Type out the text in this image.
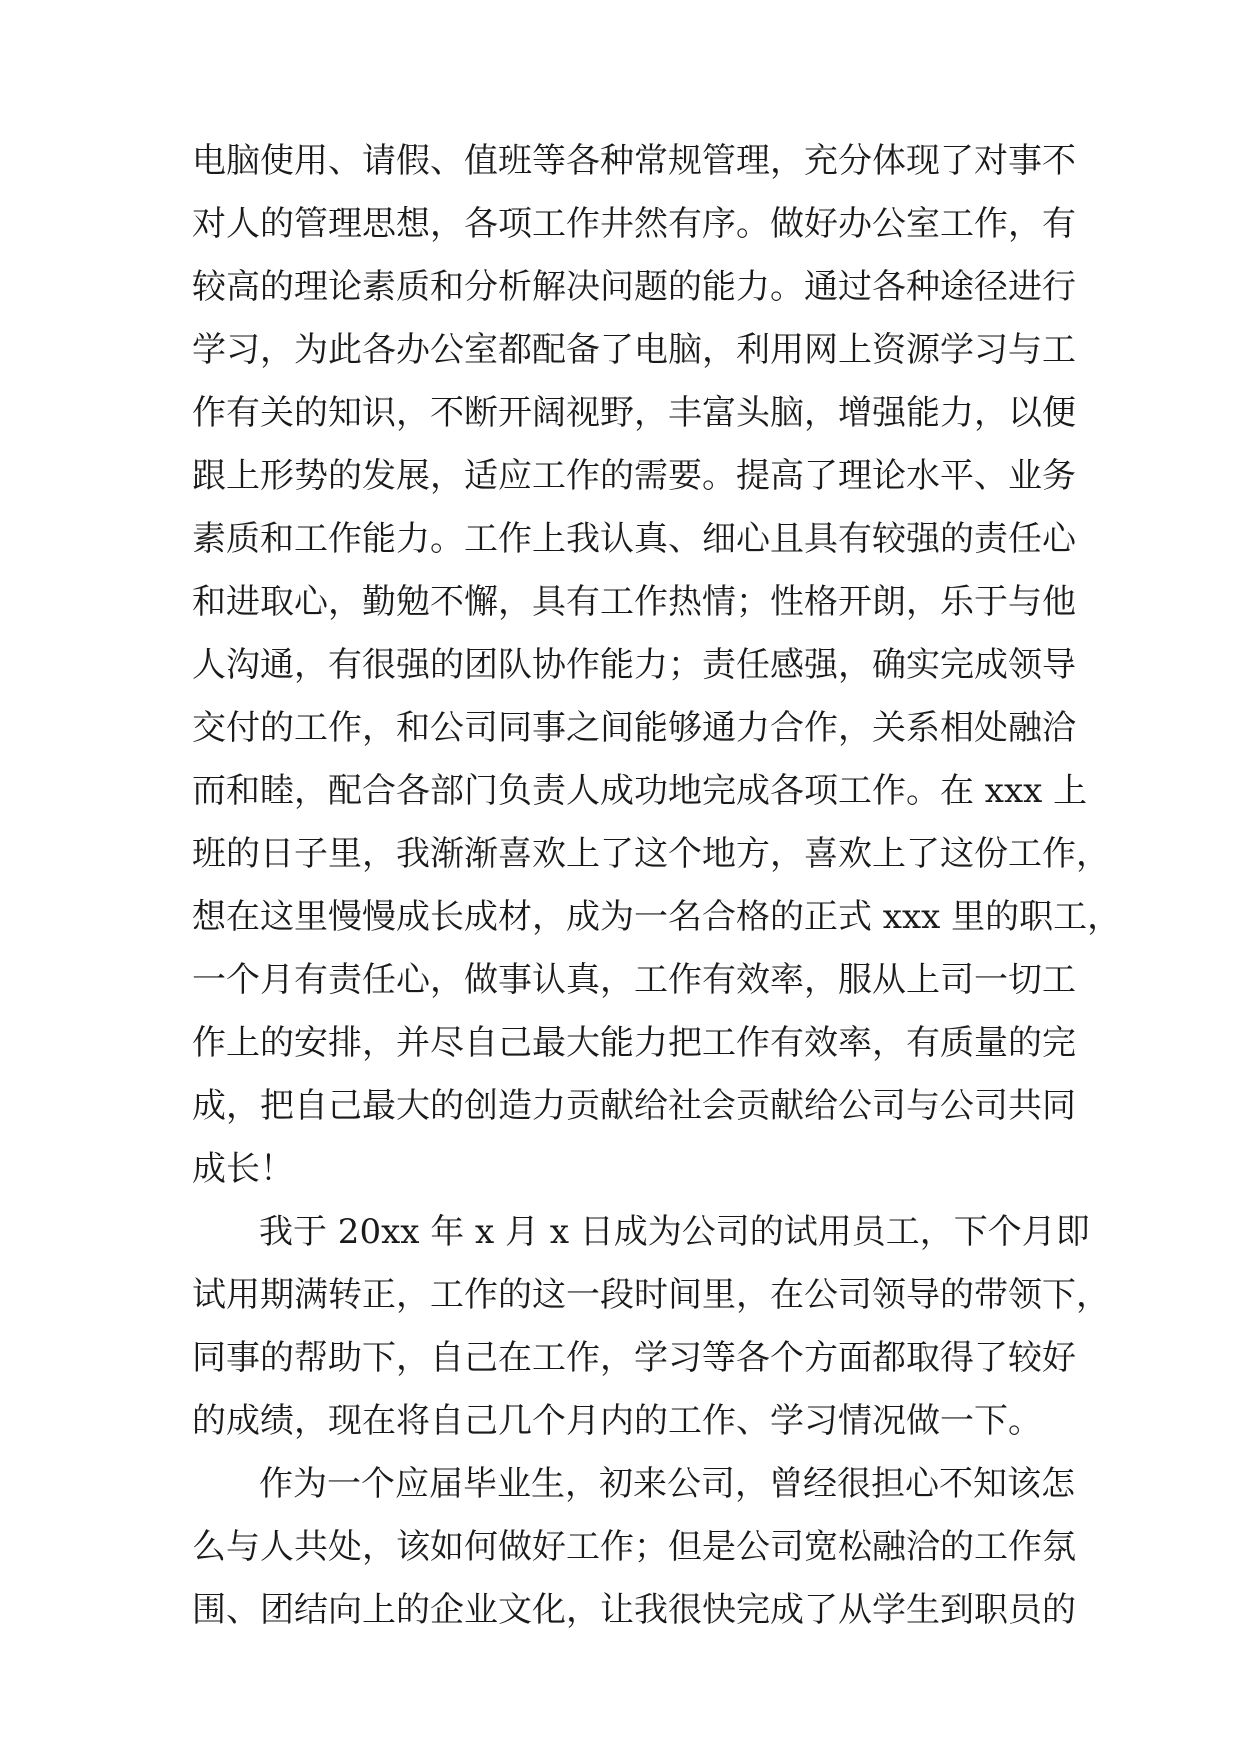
电脑使用、请假、值班等各种常规管理，充分体现了对事不
对人的管理思想，各项工作井然有序。做好办公室工作，有
较高的理论素质和分析解决问题的能力。通过各种途径进行
学习，为此各办公室都配备了电脑，利用网上资源学习与工
作有关的知识，不断开阔视野，丰富头脑，增强能力，以便
跟上形势的发展，适应工作的需要。提高了理论水平、业务
素质和工作能力。工作上我认真、细心且具有较强的责任心
和进取心，勤勉不懈，具有工作热情；性格开朗，乐于与他
人沟通，有很强的团队协作能力；责任感强，确实完成领导
交付的工作，和公司同事之间能够通力合作，关系相处融洽
而和睦，配合各部门负责人成功地完成各项工作。在 xxx 上
班的日子里，我渐渐喜欢上了这个地方，喜欢上了这份工作，
想在这里慢慢成长成材，成为一名合格的正式 xxx 里的职工，
一个月有责任心，做事认真，工作有效率，服从上司一切工
作上的安排，并尽自己最大能力把工作有效率，有质量的完
成，把自己最大的创造力贡献给社会贡献给公司与公司共同
成长！
我于 20xx 年 x 月 x 日成为公司的试用员工，下个月即
试用期满转正，工作的这一段时间里，在公司领导的带领下，
同事的帮助下，自己在工作，学习等各个方面都取得了较好
的成绩，现在将自己几个月内的工作、学习情况做一下。
作为一个应届毕业生，初来公司，曾经很担心不知该怎
么与人共处，该如何做好工作；但是公司宽松融洽的工作氛
围、团结向上的企业文化，让我很快完成了从学生到职员的
